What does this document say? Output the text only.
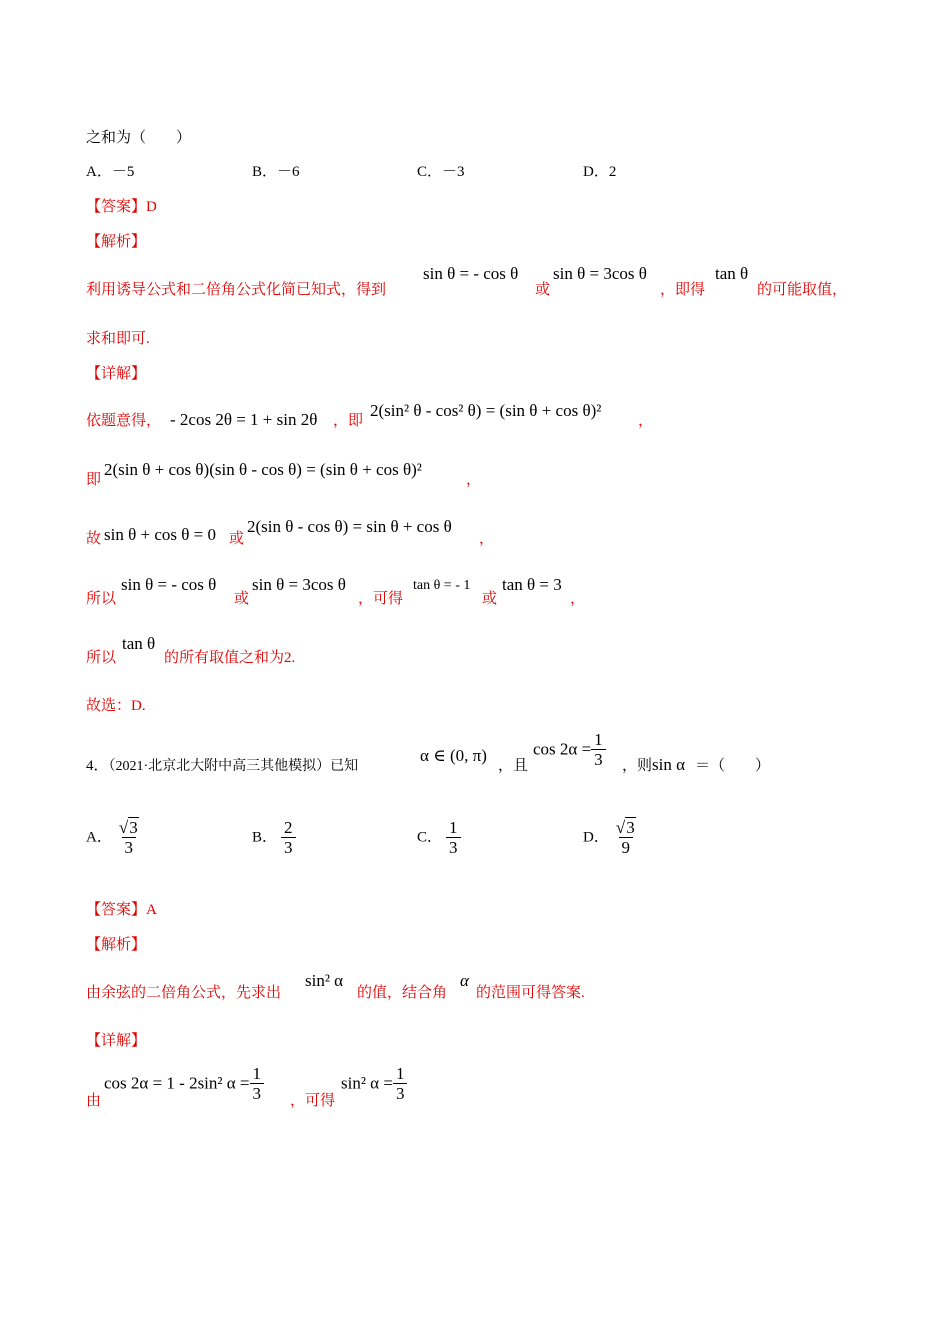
之和为（　　）
A．－5	B．－6	C．－3	D．2
【答案】D
【解析】
利用诱导公式和二倍角公式化简已知式，得到
sin θ = - cos θ
或
sin θ = 3cos θ
，即得
tan θ
的可能取值，
求和即可.
【详解】
依题意得， - 2cos 2θ = 1 + sin 2θ ，即
2(sin² θ - cos² θ) = (sin θ + cos θ)²
，
即
2(sin θ + cos θ)(sin θ - cos θ) = (sin θ + cos θ)²
，
故 sin θ + cos θ = 0 或
2(sin θ - cos θ) = sin θ + cos θ
，
所以
sin θ = - cos θ
或
sin θ = 3cos θ
，可得
tan θ = - 1
或
tan θ = 3
，
所以
tan θ
的所有取值之和为2.
故选：D.
4．（2021·北京北大附中高三其他模拟）已知
α ∈ (0, π)
，且
$\cos 2\alpha = \frac{1}{3}$ ，则 sin α ＝（　　）
A． $\frac{√3}{3}$	B． $\frac{2}{3}$	C． $\frac{1}{3}$	D． $\frac{√3}{9}$
【答案】A
【解析】
由余弦的二倍角公式，先求出
sin² α
的值，结合角
α
的范围可得答案.
【详解】
由
cos 2α = 1 - 2sin² $\alpha = \frac{1}{3}$ ，可得
sin² $\alpha = \frac{1}{3}$
